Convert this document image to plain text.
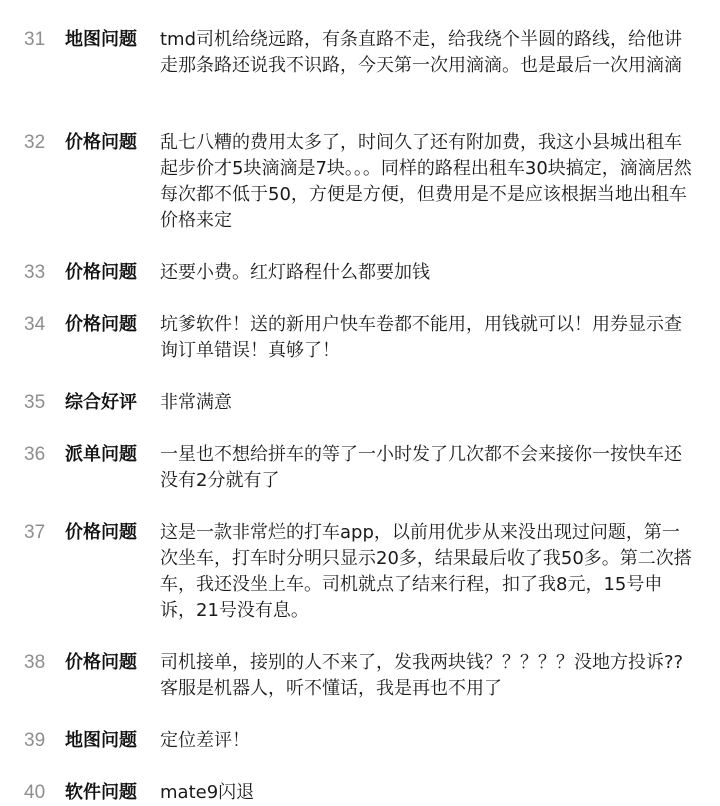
31	地图问题 tmd司机给绕远路，有条直路不走，给我绕个半圆的路线，给他讲走那条路还说我不识路，今天第一次用滴滴。也是最后一次用滴滴
32	价格问题 乱七八糟的费用太多了，时间久了还有附加费，我这小县城出租车起步价才5块滴滴是7块。。。同样的路程出租车30块搞定，滴滴居然每次都不低于50，方便是方便，但费用是不是应该根据当地出租车价格来定
33	价格问题 还要小费。红灯路程什么都要加钱
34	价格问题 坑爹软件！送的新用户快车卷都不能用，用钱就可以！用券显示查询订单错误！真够了！
35	综合好评 非常满意
36	派单问题 一星也不想给拼车的等了一小时发了几次都不会来接你一按快车还没有2分就有了
37	价格问题 这是一款非常烂的打车app，以前用优步从来没出现过问题，第一次坐车，打车时分明只显示20多，结果最后收了我50多。第二次搭车，我还没坐上车。司机就点了结来行程，扣了我8元，15号申诉，21号没有息。
38	价格问题 司机接单，接别的人不来了，发我两块钱？？？？？没地方投诉?? 客服是机器人，听不懂话，我是再也不用了
39	地图问题 定位差评！
40	软件问题 mate9闪退
